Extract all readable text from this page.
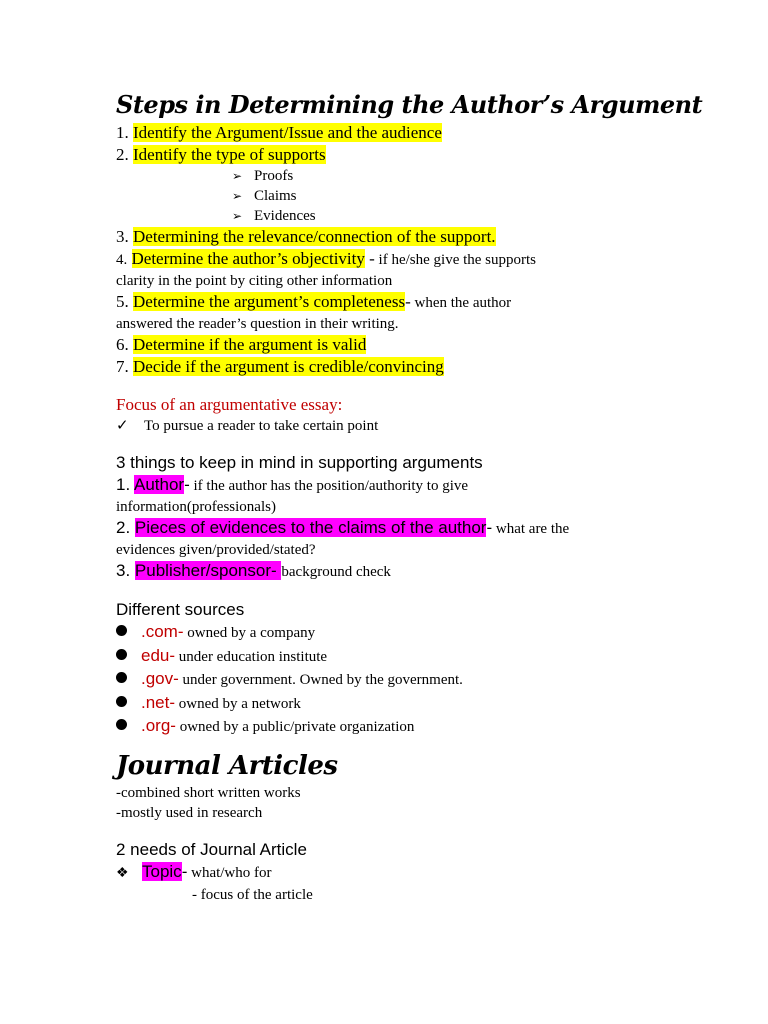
Steps in Determining the Author’s Argument

1. Identify the Argument/Issue and the audience

2. Identify the type of supports

➢ Proofs

➢ Claims

➢ Evidences

3. Determining the relevance/connection of the support.

4. Determine the author’s objectivity - if he/she give the supports

clarity in the point by citing other information

5. Determine the argument’s completeness- when the author

answered the reader’s question in their writing.

6. Determine if the argument is valid

7. Decide if the argument is credible/convincing

Focus of an argumentative essay:

✓ To pursue a reader to take certain point

3 things to keep in mind in supporting arguments

1. Author- if the author has the position/authority to give

information(professionals)

2. Pieces of evidences to the claims of the author- what are the

evidences given/provided/stated?

3. Publisher/sponsor- background check

Different sources

.com- owned by a company

edu- under education institute

.gov- under government. Owned by the government.

.net- owned by a network

.org- owned by a public/private organization

Journal Articles

-combined short written works

-mostly used in research

2 needs of Journal Article

❖ Topic- what/who for

- focus of the article
